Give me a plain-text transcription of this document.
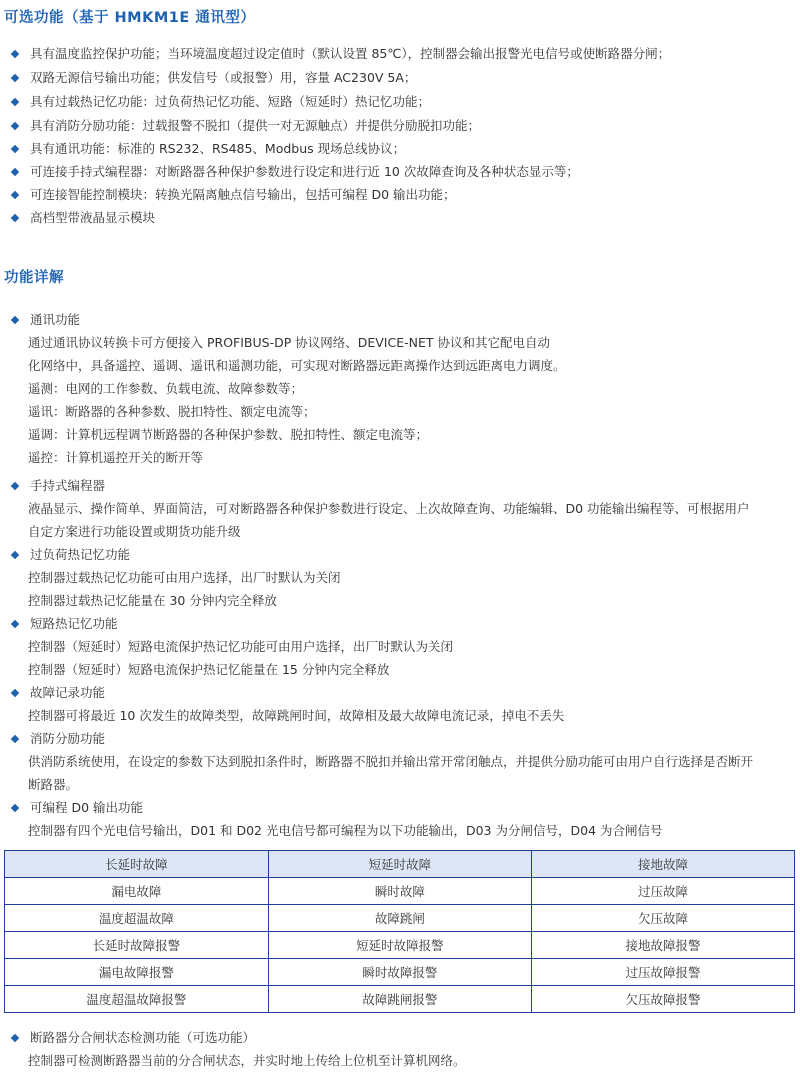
可选功能（基于 HMKM1E 通讯型）
具有温度监控保护功能；当环境温度超过设定值时（默认设置 85℃），控制器会输出报警光电信号或使断路器分闸；
双路无源信号输出功能；供发信号（或报警）用，容量 AC230V 5A；
具有过载热记忆功能：过负荷热记忆功能、短路（短延时）热记忆功能；
具有消防分励功能：过载报警不脱扣（提供一对无源触点）并提供分励脱扣功能；
具有通讯功能：标准的 RS232、RS485、Modbus 现场总线协议；
可连接手持式编程器：对断路器各种保护参数进行设定和进行近 10 次故障查询及各种状态显示等；
可连接智能控制模块：转换光隔离触点信号输出，包括可编程 D0 输出功能；
高档型带液晶显示模块
功能详解
通讯功能
通过通讯协议转换卡可方便接入 PROFIBUS-DP 协议网络、DEVICE-NET 协议和其它配电自动
化网络中，具备遥控、遥调、遥讯和遥测功能，可实现对断路器远距离操作达到远距离电力调度。
遥测：电网的工作参数、负载电流、故障参数等；
遥讯：断路器的各种参数、脱扣特性、额定电流等；
遥调：计算机远程调节断路器的各种保护参数、脱扣特性、额定电流等；
遥控：计算机遥控开关的断开等
手持式编程器
液晶显示、操作简单、界面简洁，可对断路器各种保护参数进行设定、上次故障查询、功能编辑、D0 功能输出编程等、可根据用户
自定方案进行功能设置或期货功能升级
过负荷热记忆功能
控制器过载热记忆功能可由用户选择，出厂时默认为关闭
控制器过载热记忆能量在 30 分钟内完全释放
短路热记忆功能
控制器（短延时）短路电流保护热记忆功能可由用户选择，出厂时默认为关闭
控制器（短延时）短路电流保护热记忆能量在 15 分钟内完全释放
故障记录功能
控制器可将最近 10 次发生的故障类型，故障跳闸时间，故障相及最大故障电流记录，掉电不丢失
消防分励功能
供消防系统使用，在设定的参数下达到脱扣条件时，断路器不脱扣并输出常开常闭触点，并提供分励功能可由用户自行选择是否断开
断路器。
可编程 D0 输出功能
控制器有四个光电信号输出，D01 和 D02 光电信号都可编程为以下功能输出，D03 为分闸信号，D04 为合闸信号
长延时故障	短延时故障	接地故障
漏电故障	瞬时故障	过压故障
温度超温故障	故障跳闸	欠压故障
长延时故障报警	短延时故障报警	接地故障报警
漏电故障报警	瞬时故障报警	过压故障报警
温度超温故障报警	故障跳闸报警	欠压故障报警
断路器分合闸状态检测功能（可选功能）
控制器可检测断路器当前的分合闸状态，并实时地上传给上位机至计算机网络。
